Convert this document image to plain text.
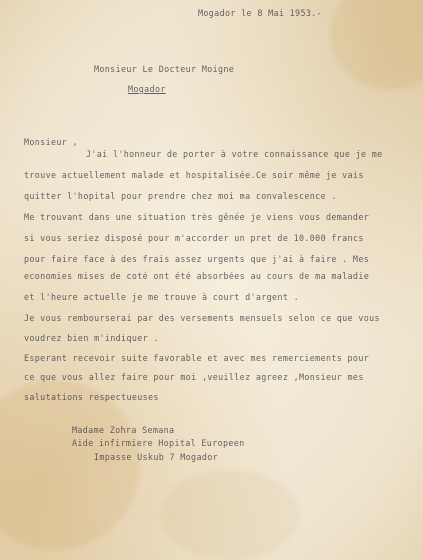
Mogador le 8 Mai 1953.-
Monsieur Le Docteur Moigne
Mogador
Monsieur ,
J'ai l'honneur de porter à votre connaissance que je me
trouve actuellement malade et hospitalisée.Ce soir même je vais
quitter l'hopital pour prendre chez moi ma convalescence .
Me trouvant dans une situation très gênée je viens vous demander
si vous seriez disposé pour m'accorder un pret de 10.000 francs
pour faire face à des frais assez urgents que j'ai à faire . Mes
economies mises de coté ont été absorbées au cours de ma maladie
et l'heure actuelle je me trouve à court d'argent .
Je vous rembourserai par des versements mensuels selon ce que vous
voudrez bien m'indiquer .
Esperant recevoir suite favorable et avec mes remerciements pour
ce que vous allez faire pour moi ,veuillez agreez ,Monsieur mes
salutations respectueuses
Madame Zohra Semana
Aide infirmiere Hopital Europeen
Impasse Uskub 7 Mogador
